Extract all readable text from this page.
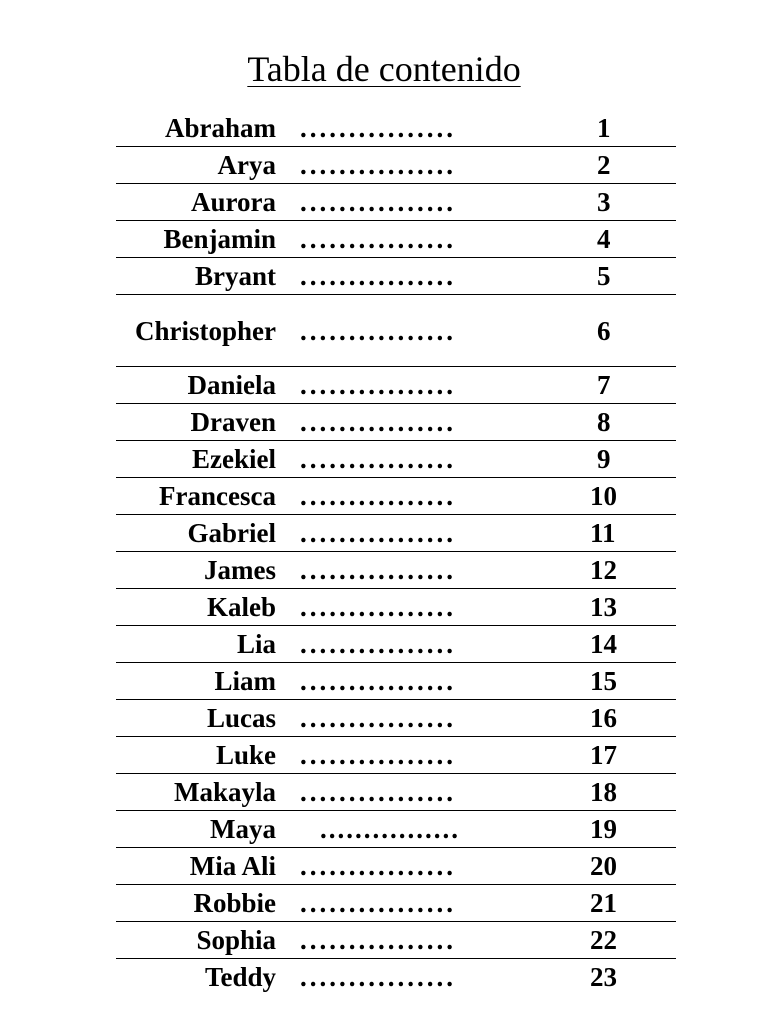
Tabla de contenido
Abraham	................	1
Arya	................	2
Aurora	................	3
Benjamin	................	4
Bryant	................	5
Christopher	................	6
Daniela	................	7
Draven	................	8
Ezekiel	................	9
Francesca	................	10
Gabriel	................	11
James	................	12
Kaleb	................	13
Lia	................	14
Liam	................	15
Lucas	................	16
Luke	................	17
Makayla	................	18
Maya	................	19
Mia Ali	................	20
Robbie	................	21
Sophia	................	22
Teddy	................	23
